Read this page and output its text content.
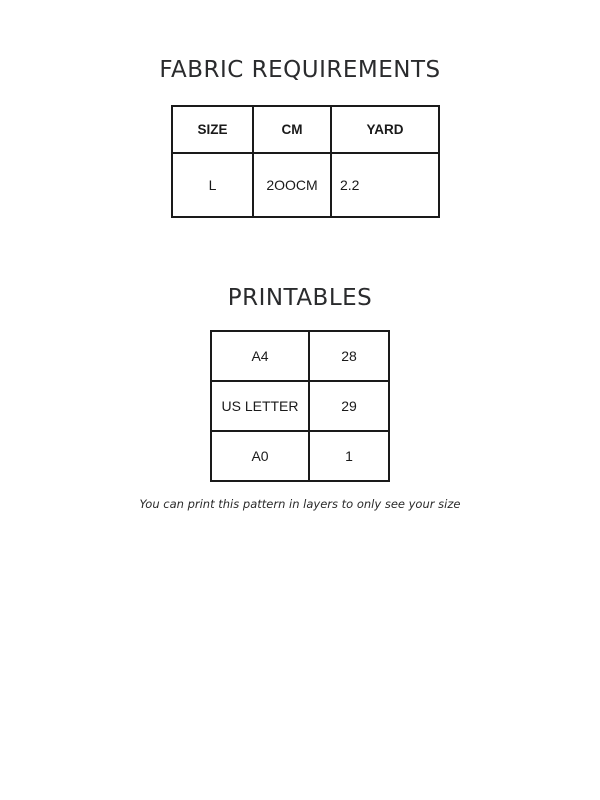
FABRIC REQUIREMENTS
SIZE	CM	YARD
L	2OOCM	2.2
PRINTABLES
A4	28
US LETTER	29
A0	1

You can print this pattern in layers to only see your size
